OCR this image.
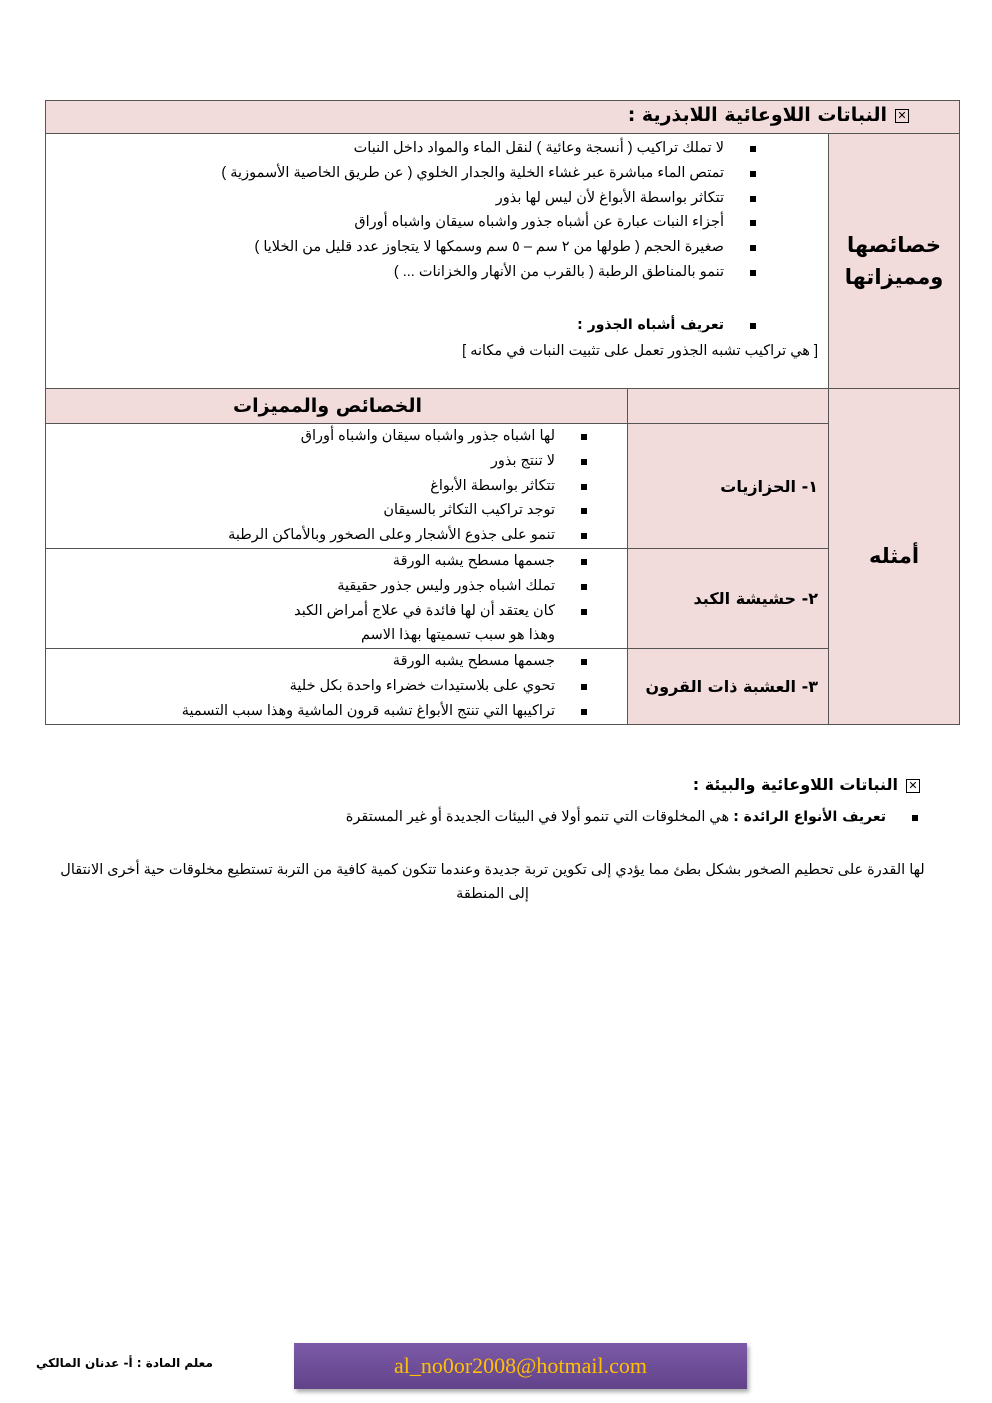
✕النباتات اللاوعائية اللابذرية :
لا تملك تراكيب ( أنسجة وعائية ) لنقل الماء والمواد داخل النبات
تمتص الماء مباشرة عبر غشاء الخلية والجدار الخلوي ( عن طريق الخاصية الأسموزية )
تتكاثر بواسطة الأبواغ لأن ليس لها بذور
أجزاء النبات عبارة عن أشباه جذور واشباه سيقان واشباه أوراق
صغيرة الحجم ( طولها من ٢ سم – ٥ سم وسمكها لا يتجاوز عدد قليل من الخلايا )
تنمو بالمناطق الرطبة ( بالقرب من الأنهار والخزانات ... )
تعريف أشباه الجذور :
[ هي تراكيب تشبه الجذور تعمل على تثبيت النبات في مكانه ]
خصائصها
ومميزاتها
أمثله
الخصائص والمميزات
١- الحزازيات
لها اشباه جذور واشباه سيقان واشباه أوراق
لا تنتج بذور
تتكاثر بواسطة الأبواغ
توجد تراكيب التكاثر بالسيقان
تنمو على جذوع الأشجار وعلى الصخور وبالأماكن الرطبة
٢- حشيشة الكبد
جسمها مسطح يشبه الورقة
تملك اشباه جذور وليس جذور حقيقية
كان يعتقد أن لها فائدة في علاج أمراض الكبد
وهذا هو سبب تسميتها بهذا الاسم
٣- العشبة ذات القرون
جسمها مسطح يشبه الورقة
تحوي على بلاستيدات خضراء واحدة بكل خلية
تراكيبها التي تنتج الأبواغ تشبه قرون الماشية وهذا سبب التسمية
✕النباتات اللاوعائية والبيئة :
تعريف الأنواع الرائدة : هي المخلوقات التي تنمو أولا في البيئات الجديدة أو غير المستقرة
لها القدرة على تحطيم الصخور بشكل بطئ مما يؤدي إلى تكوين تربة جديدة وعندما تتكون كمية كافية من التربة تستطيع مخلوقات حية أخرى الانتقال إلى المنطقة
معلم المادة : أ- عدنان المالكي	al_no0or2008@hotmail.com
